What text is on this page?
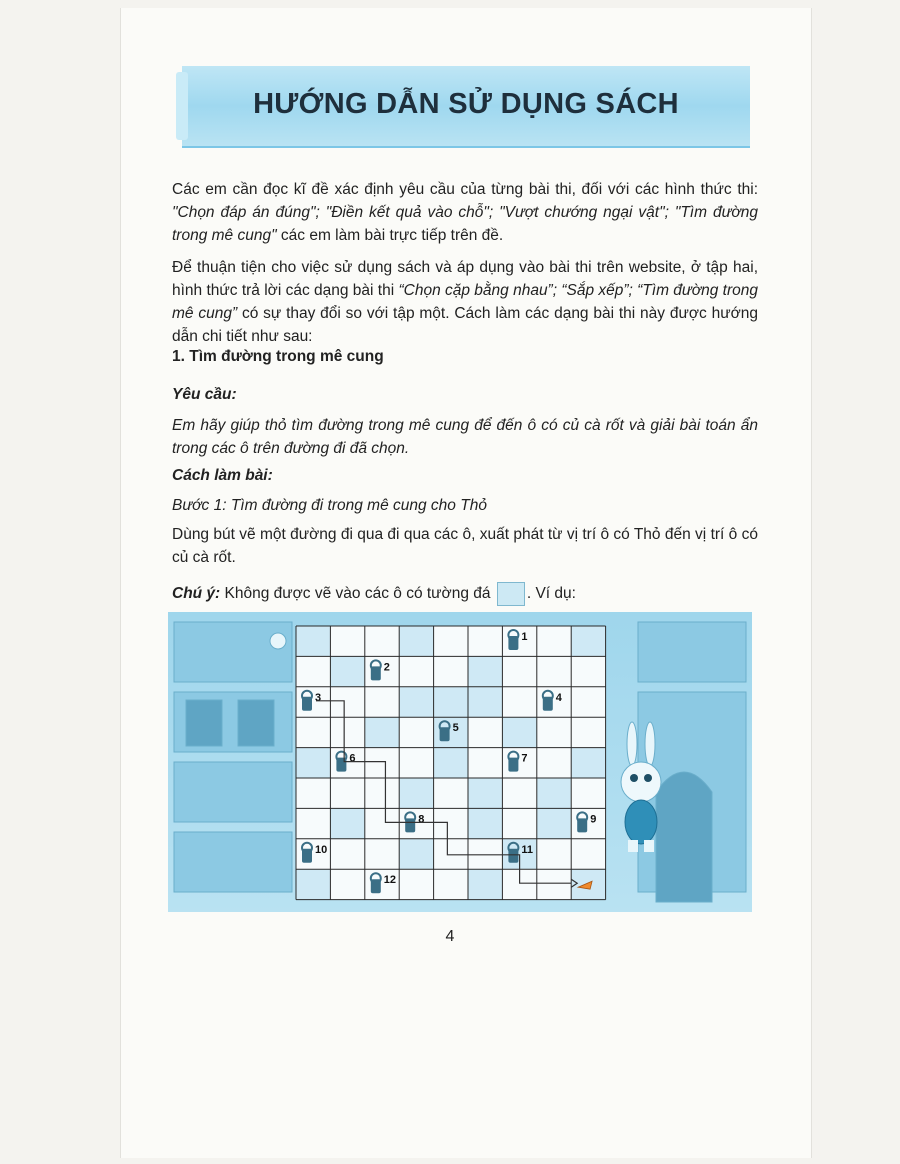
HƯỚNG DẪN SỬ DỤNG SÁCH
Các em cần đọc kĩ đề xác định yêu cầu của từng bài thi, đối với các hình thức thi: "Chọn đáp án đúng"; "Điền kết quả vào chỗ"; "Vượt chướng ngại vật"; "Tìm đường trong mê cung" các em làm bài trực tiếp trên đề.
Để thuận tiện cho việc sử dụng sách và áp dụng vào bài thi trên website, ở tập hai, hình thức trả lời các dạng bài thi “Chọn cặp bằng nhau”; “Sắp xếp”; “Tìm đường trong mê cung” có sự thay đổi so với tập một. Cách làm các dạng bài thi này được hướng dẫn chi tiết như sau:
1. Tìm đường trong mê cung
Yêu cầu:
Em hãy giúp thỏ tìm đường trong mê cung để đến ô có củ cà rốt và giải bài toán ẩn trong các ô trên đường đi đã chọn.
Cách làm bài:
Bước 1: Tìm đường đi trong mê cung cho Thỏ
Dùng bút vẽ một đường đi qua đi qua các ô, xuất phát từ vị trí ô có Thỏ đến vị trí ô có củ cà rốt.
Chú ý: Không được vẽ vào các ô có tường đá . Ví dụ:
1
2
3	4
5
6	7
8	9
10	11
12
4
